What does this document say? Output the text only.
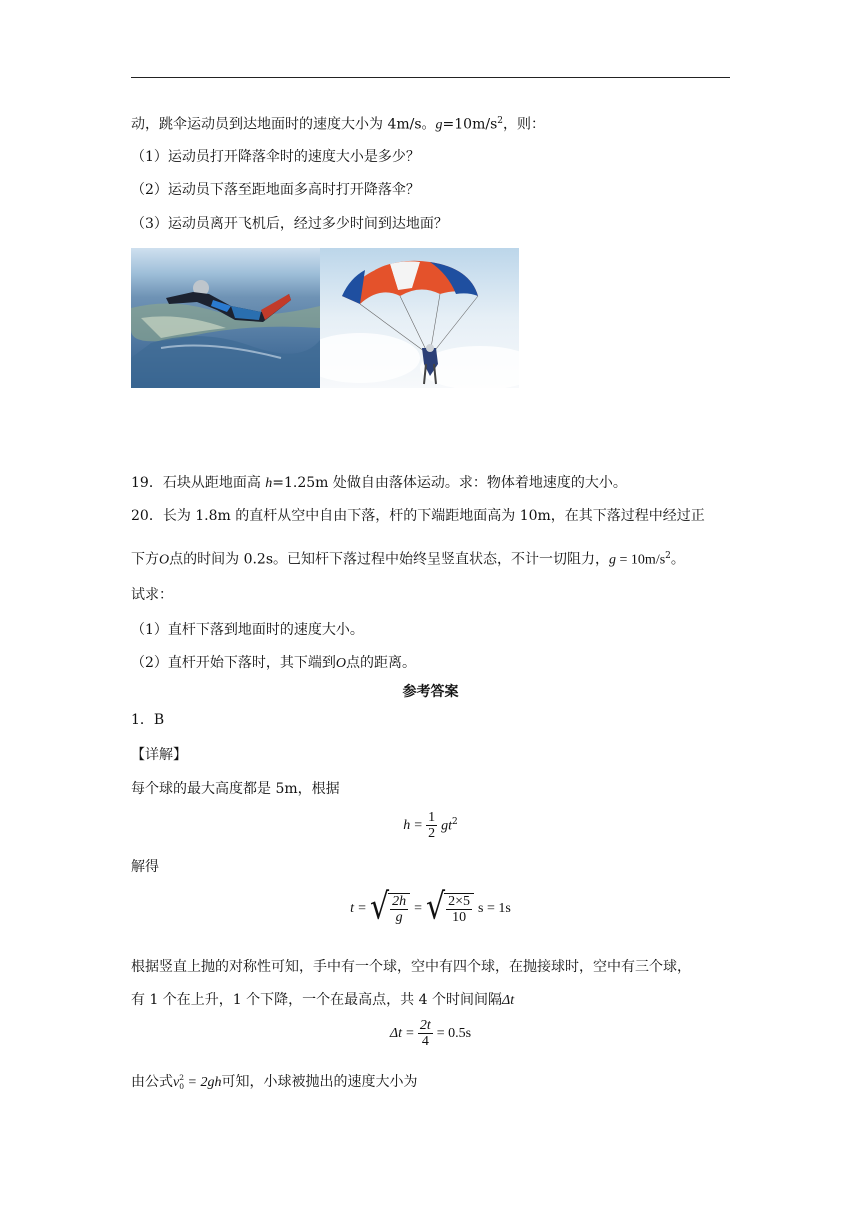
动，跳伞运动员到达地面时的速度大小为 4m/s。$g=10m/s^2$，则：
（1）运动员打开降落伞时的速度大小是多少？
（2）运动员下落至距地面多高时打开降落伞？
（3）运动员离开飞机后，经过多少时间到达地面？
19．石块从距地面高 h=1.25m 处做自由落体运动。求：物体着地速度的大小。
20．长为 1.8m 的直杆从空中自由下落，杆的下端距地面高为 10m，在其下落过程中经过正
下方O点的时间为 0.2s。已知杆下落过程中始终呈竖直状态，不计一切阻力，$g = 10m/s^2$。
试求：
（1）直杆下落到地面时的速度大小。
（2）直杆开始下落时，其下端到O点的距离。
参考答案
1．B
【详解】
每个球的最大高度都是 5m，根据
$h = \frac{1}{2} gt^2$
解得
t = √ $\frac{2h}{g}$ = √ $\frac{2\times 5}{10}$ s = 1s
根据竖直上抛的对称性可知，手中有一个球，空中有四个球，在抛接球时，空中有三个球，
有 1 个在上升，1 个下降，一个在最高点，共 4 个时间间隔Δt
$\Delta t = \frac{2t}{4} = 0.5s$
由公式v 2
0 = 2gh可知，小球被抛出的速度大小为
